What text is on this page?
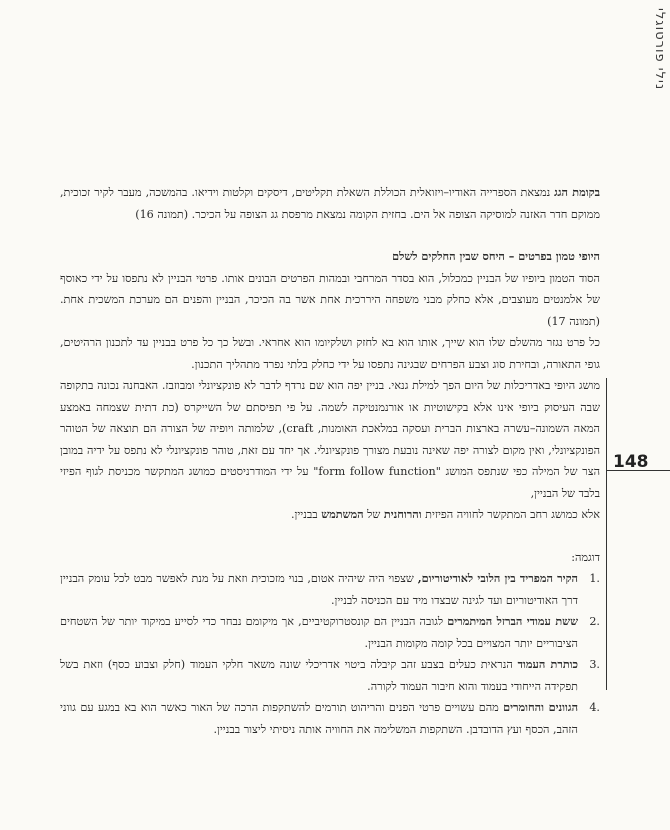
נילי פורטוגלי
148

בקומת הגג נמצאת הספרייה האודיו–ויזואלית הכוללת השאלת תקליטים, דיסקים וקלטות וידיאו. בהמשכה, מעבר לקיר זכוכית, ממוקם חדר האזנה למוסיקה הצופה אל הים. בחזית הקומה נמצאת מרפסת גג הצופה על הכיכר. (תמונה 16)

היופי טמון בפרטים – היחס שבין החלקים לשלם

הסוד הטמון ביופיו של הבניין כמכלול, הוא בסדר המרחבי ובמהות הפרטים הבונים אותו. פרטי הבניין לא נתפסו על ידי כאוסף של אלמנטים מעוצבים, אלא כחלק מבני משפחה היררכית אחת אשר בה הכיכר, הבניין והפנים הם מערכת המשכית אחת. (תמונה 17)

כל פרט נגזר מהשלם שלו הוא שייך, אותו הוא בא לחזק ושלקיומו הוא אחראי. ובשל כך כל פרט בבניין עד לתכנון הרהיטים, גופי התאורה, ובחירת סוג וצבע הפרחים שבגינה נתפסו על ידי כחלק בלתי נפרד מתהליך התכנון.

מושג היופי באדריכלות של היום הפך למילת גנאי. בניין יפה הוא שם נרדף לדבר לא פונקציונלי ומבוזבז. האבחנה נכונה בתקופה שבה העיסוק ביופי אינו אלא בקישוטיות או אורנמנטיקה לשמה. על פי תפיסתם של השייקרס (כת דתית שצמחה באמצע המאה השמונה–עשרה בארצות הברית ועסקה במלאכת האומנות, craft), שלמותה ויופיה של הצורה הם תוצאה של הטוהר הפונקציונלי, ואין מקום לצורה יפה שאינה נובעת מצורך פונקציונלי. אך יחד עם זאת, טוהר פונקציונלי לא נתפס על ידיה במובן הצר של המילה כפי שנתפס המושג "form follow function" על ידי המודרניסטים כמושג המתקשר מכניסת לגוף הפיזי בלבד של הבניין,

אלא כמושג רחב המתקשר לחוויה הפיזית והרוחנית של המשתמש בבניין.

דוגמה:

1.
הקיר המפריד בין הלובי לאודיטוריום, שצפוי היה שיהיה אטום, בנוי מזכוכית וזאת על מנת לאפשר מבט לכל עומק הבניין דרך האודיטוריום ועד לגינה שבצדו מיד עם הכניסה לבניין.
2.
ששת עמודי הברזל המיתמרים לגובה הבניין הם קונסטרוקטיביים, אך מיקומם נבחר כדי לסייע במיקוד יותר של השטחים הציבוריים יותר המצויים בכל קומה מקומות הבניין.
3.
כותרת העמוד הנראית כעלים בצבע זהב קיבלה ביטוי אדריכלי שונה משאר חלקי העמוד (חלק וצבוע כסף) וזאת בשל תפקידה הייחודי בעמוד והוא חיבור העמוד לקורה.
4.
הגוונים והחומרים מהם עשויים פרטי הפנים והריהוט תורמים להשתקפות הרכה של האור כאשר הוא בא במגע עם גווני הזהב, הכסף ועץ הדובדבן. השתקפות המשלימה את החוויה אותה ניסיתי ליצור בבניין.
